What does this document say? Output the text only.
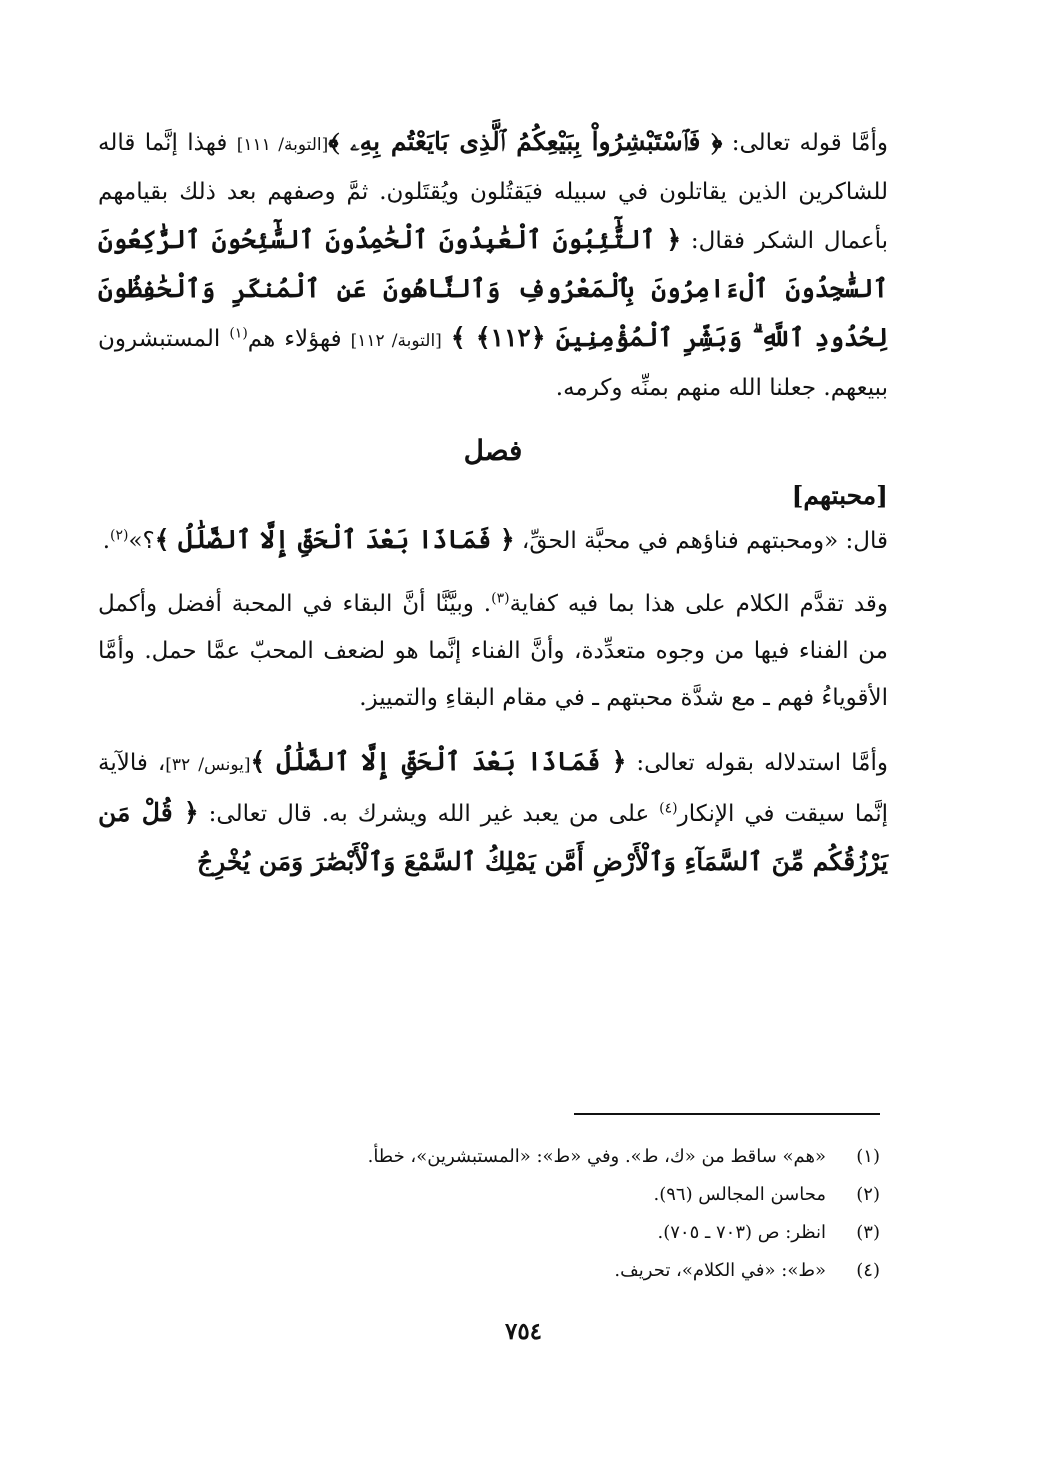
وأمَّا قوله تعالى: ﴿ فَٱسْتَبْشِرُواْ بِبَيْعِكُمُ ٱلَّذِى بَايَعْتُم بِهِۦ ﴾[التوبة/ ١١١] فهذا إنَّما قاله للشاكرين الذين يقاتلون في سبيله فيَقتُلون ويُقتَلون. ثمَّ وصفهم بعد ذلك بقيامهم بأعمال الشكر فقال: ﴿ ٱلتَّٰٓئِبُونَ ٱلْعَٰبِدُونَ ٱلْحَٰمِدُونَ ٱلسَّٰٓئِحُونَ ٱلرَّٰكِعُونَ ٱلسَّٰجِدُونَ ٱلْءَامِرُونَ بِٱلْمَعْرُوفِ وَٱلنَّاهُونَ عَنِ ٱلْمُنكَرِ وَٱلْحَٰفِظُونَ لِحُدُودِ ٱللَّهِ ۗ وَبَشِّرِ ٱلْمُؤْمِنِينَ ﴿١١٢﴾ ﴾ [التوبة/ ١١٢] فهؤلاء هم$^{(١)}$ المستبشرون ببيعهم. جعلنا الله منهم بمنِّه وكرمه.

فصل
[محبتهم]

قال: «ومحبتهم فناؤهم في محبَّة الحقِّ، ﴿ فَمَاذَا بَعْدَ ٱلْحَقِّ إِلَّا ٱلضَّلَٰلُ ﴾؟»$^{(٢)}$.

وقد تقدَّم الكلام على هذا بما فيه كفاية$^{(٣)}$. وبيَّنَّا أنَّ البقاء في المحبة أفضل وأكمل من الفناء فيها من وجوه متعدِّدة، وأنَّ الفناء إنَّما هو لضعف المحبّ عمَّا حمل. وأمَّا الأقوياءُ فهم ـ مع شدَّة محبتهم ـ في مقام البقاءِ والتمييز.

وأمَّا استدلاله بقوله تعالى: ﴿ فَمَاذَا بَعْدَ ٱلْحَقِّ إِلَّا ٱلضَّلَٰلُ ﴾[يونس/ ٣٢]، فالآية إنَّما سيقت في الإنكار$^{(٤)}$ على من يعبد غير الله ويشرك به. قال تعالى: ﴿ قُلْ مَن يَرْزُقُكُم مِّنَ ٱلسَّمَآءِ وَٱلْأَرْضِ أَمَّن يَمْلِكُ ٱلسَّمْعَ وَٱلْأَبْصَٰرَ وَمَن يُخْرِجُ

(١)
«هم» ساقط من «ك، ط». وفي «ط»: «المستبشرين»، خطأ.
(٢)
محاسن المجالس (٩٦).
(٣)
انظر: ص (٧٠٣ ـ ٧٠٥).
(٤)
«ط»: «في الكلام»، تحريف.
٧٥٤
